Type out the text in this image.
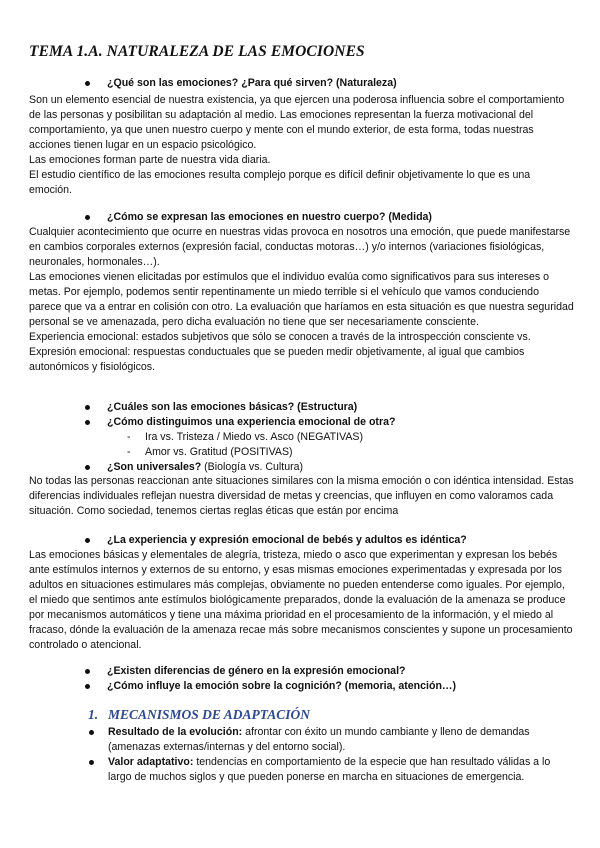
TEMA 1.A. NATURALEZA DE LAS EMOCIONES
¿Qué son las emociones? ¿Para qué sirven? (Naturaleza)

Son un elemento esencial de nuestra existencia, ya que ejercen una poderosa influencia sobre el comportamiento de las personas y posibilitan su adaptación al medio. Las emociones representan la fuerza motivacional del comportamiento, ya que unen nuestro cuerpo y mente con el mundo exterior, de esta forma, todas nuestras acciones tienen lugar en un espacio psicológico.

Las emociones forman parte de nuestra vida diaria.

El estudio científico de las emociones resulta complejo porque es difícil definir objetivamente lo que es una emoción.

¿Cómo se expresan las emociones en nuestro cuerpo? (Medida)

Cualquier acontecimiento que ocurre en nuestras vidas provoca en nosotros una emoción, que puede manifestarse en cambios corporales externos (expresión facial, conductas motoras…) y/o internos (variaciones fisiológicas, neuronales, hormonales…).

Las emociones vienen elicitadas por estímulos que el individuo evalúa como significativos para sus intereses o metas. Por ejemplo, podemos sentir repentinamente un miedo terrible si el vehículo que vamos conduciendo parece que va a entrar en colisión con otro. La evaluación que haríamos en esta situación es que nuestra seguridad personal se ve amenazada, pero dicha evaluación no tiene que ser necesariamente consciente.

Experiencia emocional: estados subjetivos que sólo se conocen a través de la introspección consciente vs.

Expresión emocional: respuestas conductuales que se pueden medir objetivamente, al igual que cambios autonómicos y fisiológicos.

¿Cuáles son las emociones básicas? (Estructura)
¿Cómo distinguimos una experiencia emocional de otra?
- Ira vs. Tristeza / Miedo vs. Asco (NEGATIVAS)
- Amor vs. Gratitud (POSITIVAS)
¿Son universales? (Biología vs. Cultura)

No todas las personas reaccionan ante situaciones similares con la misma emoción o con idéntica intensidad. Estas diferencias individuales reflejan nuestra diversidad de metas y creencias, que influyen en como valoramos cada situación. Como sociedad, tenemos ciertas reglas éticas que están por encima

¿La experiencia y expresión emocional de bebés y adultos es idéntica?

Las emociones básicas y elementales de alegría, tristeza, miedo o asco que experimentan y expresan los bebés ante estímulos internos y externos de su entorno, y esas mismas emociones experimentadas y expresada por los adultos en situaciones estimulares más complejas, obviamente no pueden entenderse como iguales. Por ejemplo, el miedo que sentimos ante estímulos biológicamente preparados, donde la evaluación de la amenaza se produce por mecanismos automáticos y tiene una máxima prioridad en el procesamiento de la información, y el miedo al fracaso, dónde la evaluación de la amenaza recae más sobre mecanismos conscientes y supone un procesamiento controlado o atencional.

¿Existen diferencias de género en la expresión emocional?
¿Cómo influye la emoción sobre la cognición? (memoria, atención…)
1. MECANISMOS DE ADAPTACIÓN
Resultado de la evolución: afrontar con éxito un mundo cambiante y lleno de demandas (amenazas externas/internas y del entorno social).
Valor adaptativo: tendencias en comportamiento de la especie que han resultado válidas a lo largo de muchos siglos y que pueden ponerse en marcha en situaciones de emergencia.
